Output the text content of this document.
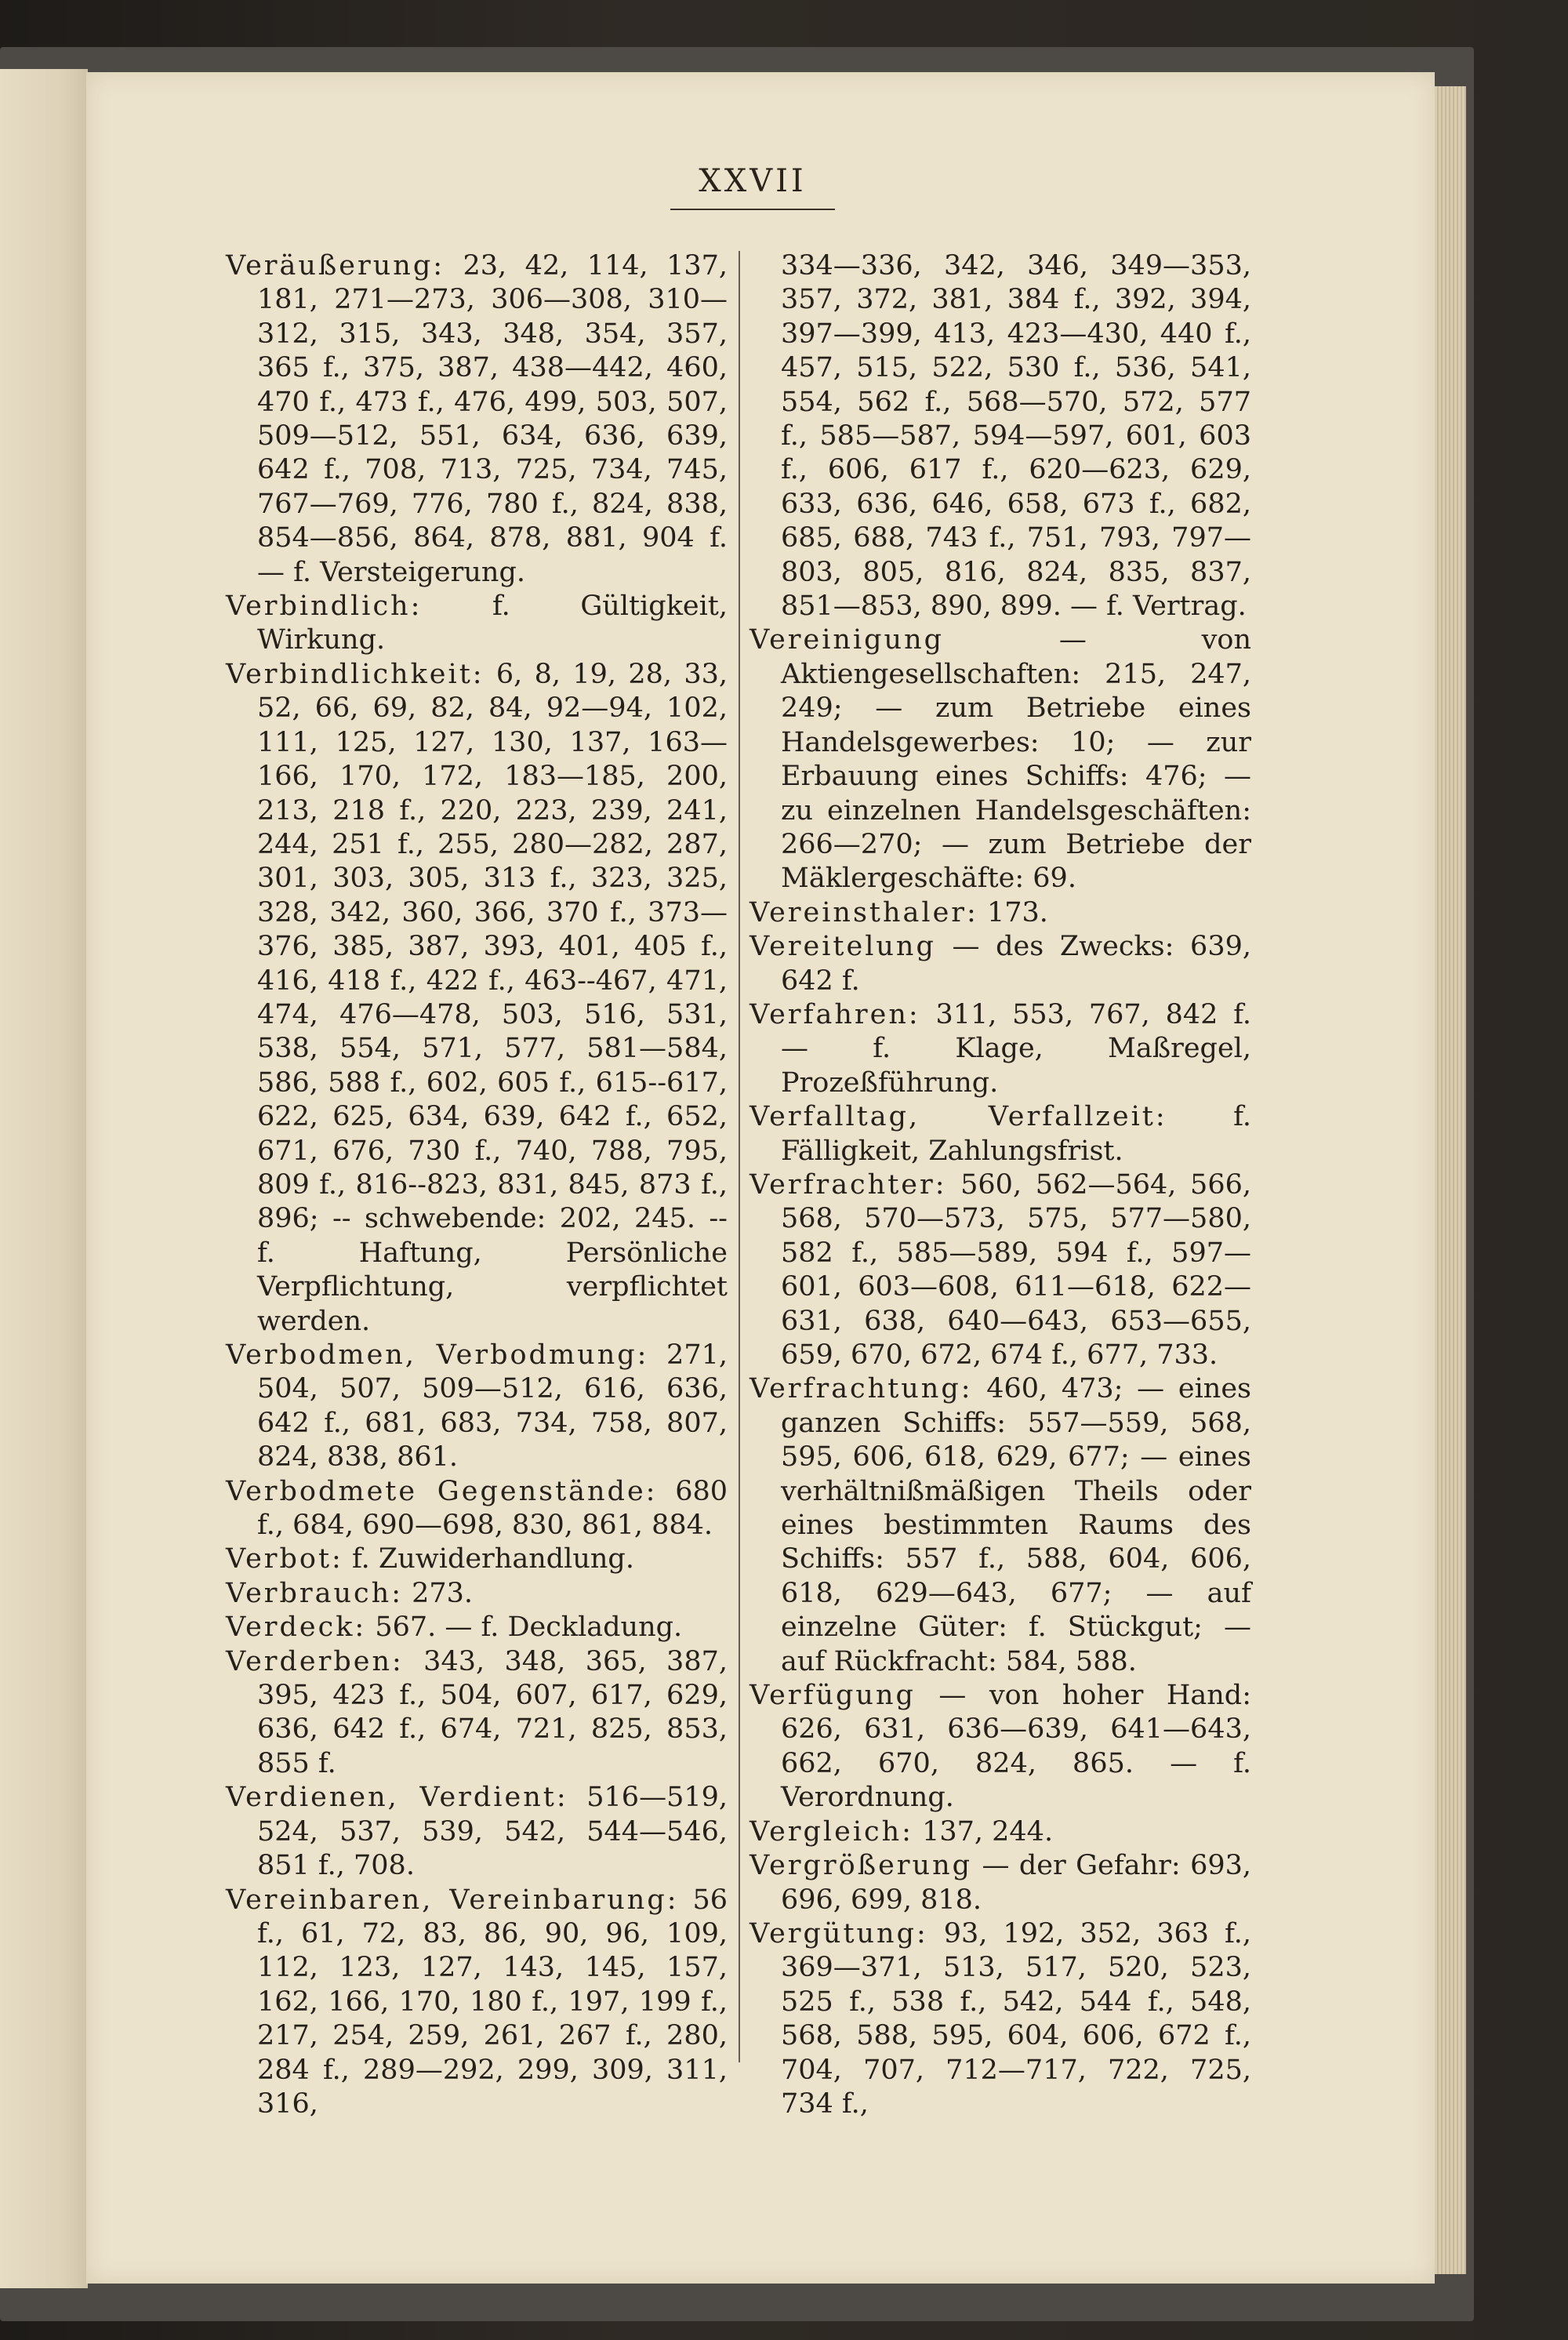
XXVII

Veräußerung: 23, 42, 114, 137, 181, 271—273, 306—308, 310—312, 315, 343, 348, 354, 357, 365 f., 375, 387, 438—442, 460, 470 f., 473 f., 476, 499, 503, 507, 509—512, 551, 634, 636, 639, 642 f., 708, 713, 725, 734, 745, 767—769, 776, 780 f., 824, 838, 854—856, 864, 878, 881, 904 f. — f. Versteigerung.

Verbindlich: f. Gültigkeit, Wirkung.

Verbindlichkeit: 6, 8, 19, 28, 33, 52, 66, 69, 82, 84, 92—94, 102, 111, 125, 127, 130, 137, 163—166, 170, 172, 183—185, 200, 213, 218 f., 220, 223, 239, 241, 244, 251 f., 255, 280—282, 287, 301, 303, 305, 313 f., 323, 325, 328, 342, 360, 366, 370 f., 373—376, 385, 387, 393, 401, 405 f., 416, 418 f., 422 f., 463--467, 471, 474, 476—478, 503, 516, 531, 538, 554, 571, 577, 581—584, 586, 588 f., 602, 605 f., 615--617, 622, 625, 634, 639, 642 f., 652, 671, 676, 730 f., 740, 788, 795, 809 f., 816--823, 831, 845, 873 f., 896; -- schwebende: 202, 245. -- f. Haftung, Persönliche Verpflichtung, verpflichtet werden.

Verbodmen, Verbodmung: 271, 504, 507, 509—512, 616, 636, 642 f., 681, 683, 734, 758, 807, 824, 838, 861.

Verbodmete Gegenstände: 680 f., 684, 690—698, 830, 861, 884.

Verbot: f. Zuwiderhandlung.

Verbrauch: 273.

Verdeck: 567. — f. Deckladung.

Verderben: 343, 348, 365, 387, 395, 423 f., 504, 607, 617, 629, 636, 642 f., 674, 721, 825, 853, 855 f.

Verdienen, Verdient: 516—519, 524, 537, 539, 542, 544—546, 851 f., 708.

Vereinbaren, Vereinbarung: 56 f., 61, 72, 83, 86, 90, 96, 109, 112, 123, 127, 143, 145, 157, 162, 166, 170, 180 f., 197, 199 f., 217, 254, 259, 261, 267 f., 280, 284 f., 289—292, 299, 309, 311, 316,

334—336, 342, 346, 349—353, 357, 372, 381, 384 f., 392, 394, 397—399, 413, 423—430, 440 f., 457, 515, 522, 530 f., 536, 541, 554, 562 f., 568—570, 572, 577 f., 585—587, 594—597, 601, 603 f., 606, 617 f., 620—623, 629, 633, 636, 646, 658, 673 f., 682, 685, 688, 743 f., 751, 793, 797—803, 805, 816, 824, 835, 837, 851—853, 890, 899. — f. Vertrag.

Vereinigung — von Aktiengesellschaften: 215, 247, 249; — zum Betriebe eines Handelsgewerbes: 10; — zur Erbauung eines Schiffs: 476; — zu einzelnen Handelsgeschäften: 266—270; — zum Betriebe der Mäklergeschäfte: 69.

Vereinsthaler: 173.

Vereitelung — des Zwecks: 639, 642 f.

Verfahren: 311, 553, 767, 842 f. — f. Klage, Maßregel, Prozeßführung.

Verfalltag, Verfallzeit: f. Fälligkeit, Zahlungsfrist.

Verfrachter: 560, 562—564, 566, 568, 570—573, 575, 577—580, 582 f., 585—589, 594 f., 597—601, 603—608, 611—618, 622—631, 638, 640—643, 653—655, 659, 670, 672, 674 f., 677, 733.

Verfrachtung: 460, 473; — eines ganzen Schiffs: 557—559, 568, 595, 606, 618, 629, 677; — eines verhältnißmäßigen Theils oder eines bestimmten Raums des Schiffs: 557 f., 588, 604, 606, 618, 629—643, 677; — auf einzelne Güter: f. Stückgut; — auf Rückfracht: 584, 588.

Verfügung — von hoher Hand: 626, 631, 636—639, 641—643, 662, 670, 824, 865. — f. Verordnung.

Vergleich: 137, 244.

Vergrößerung — der Gefahr: 693, 696, 699, 818.

Vergütung: 93, 192, 352, 363 f., 369—371, 513, 517, 520, 523, 525 f., 538 f., 542, 544 f., 548, 568, 588, 595, 604, 606, 672 f., 704, 707, 712—717, 722, 725, 734 f.,
